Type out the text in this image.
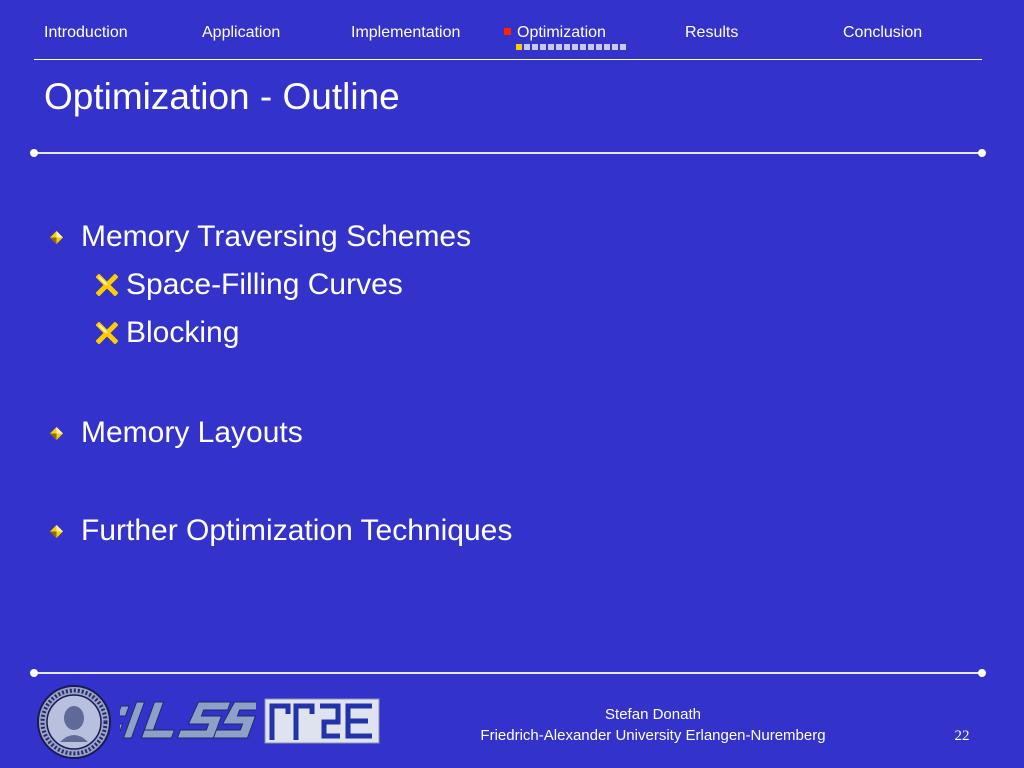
Introduction	Application	Implementation	Optimization	Results	Conclusion
Optimization - Outline
Memory Traversing Schemes
Space-Filling Curves
Blocking
Memory Layouts
Further Optimization Techniques
Stefan Donath
Friedrich-Alexander University Erlangen-Nuremberg	22
